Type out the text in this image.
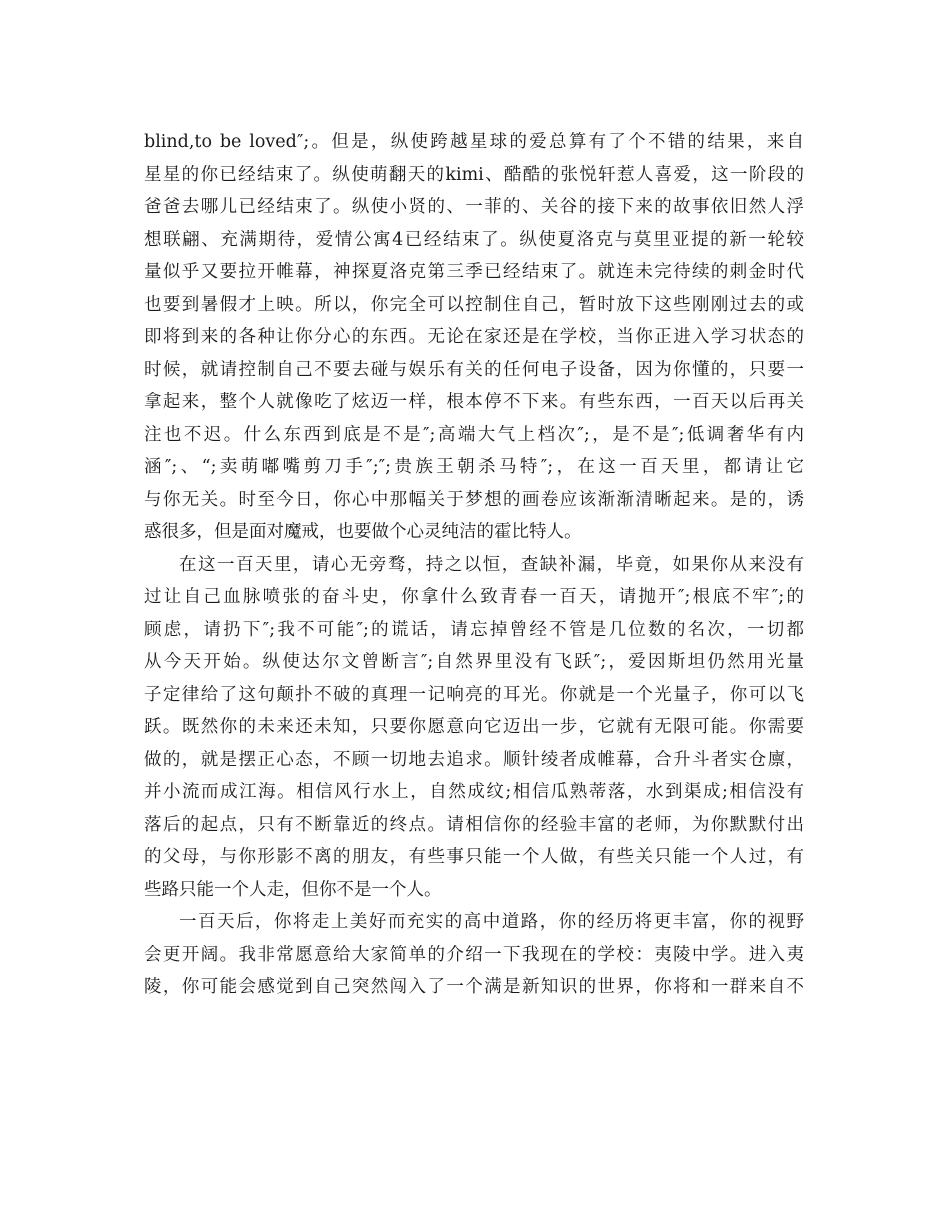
blind,to be loved″;。但是，纵使跨越星球的爱总算有了个不错的结果，来自
星星的你已经结束了。纵使萌翻天的kimi、酷酷的张悦轩惹人喜爱，这一阶段的
爸爸去哪儿已经结束了。纵使小贤的、一菲的、关谷的接下来的故事依旧然人浮
想联翩、充满期待，爱情公寓4已经结束了。纵使夏洛克与莫里亚提的新一轮较
量似乎又要拉开帷幕，神探夏洛克第三季已经结束了。就连未完待续的刺金时代
也要到暑假才上映。所以，你完全可以控制住自己，暂时放下这些刚刚过去的或
即将到来的各种让你分心的东西。无论在家还是在学校，当你正进入学习状态的
时候，就请控制自己不要去碰与娱乐有关的任何电子设备，因为你懂的，只要一
拿起来，整个人就像吃了炫迈一样，根本停不下来。有些东西，一百天以后再关
注也不迟。什么东西到底是不是″;高端大气上档次″;，是不是″;低调奢华有内
涵″;、“;卖萌嘟嘴剪刀手″;″;贵族王朝杀马特″;，在这一百天里，都请让它
与你无关。时至今日，你心中那幅关于梦想的画卷应该渐渐清晰起来。是的，诱
惑很多，但是面对魔戒，也要做个心灵纯洁的霍比特人。
在这一百天里，请心无旁骛，持之以恒，查缺补漏，毕竟，如果你从来没有
过让自己血脉喷张的奋斗史，你拿什么致青春一百天，请抛开″;根底不牢″;的
顾虑，请扔下″;我不可能″;的谎话，请忘掉曾经不管是几位数的名次，一切都
从今天开始。纵使达尔文曾断言″;自然界里没有飞跃″;，爱因斯坦仍然用光量
子定律给了这句颠扑不破的真理一记响亮的耳光。你就是一个光量子，你可以飞
跃。既然你的未来还未知，只要你愿意向它迈出一步，它就有无限可能。你需要
做的，就是摆正心态，不顾一切地去追求。顺针绫者成帷幕，合升斗者实仓廪，
并小流而成江海。相信风行水上，自然成纹;相信瓜熟蒂落，水到渠成;相信没有
落后的起点，只有不断靠近的终点。请相信你的经验丰富的老师，为你默默付出
的父母，与你形影不离的朋友，有些事只能一个人做，有些关只能一个人过，有
些路只能一个人走，但你不是一个人。
一百天后，你将走上美好而充实的高中道路，你的经历将更丰富，你的视野
会更开阔。我非常愿意给大家简单的介绍一下我现在的学校：夷陵中学。进入夷
陵，你可能会感觉到自己突然闯入了一个满是新知识的世界，你将和一群来自不
